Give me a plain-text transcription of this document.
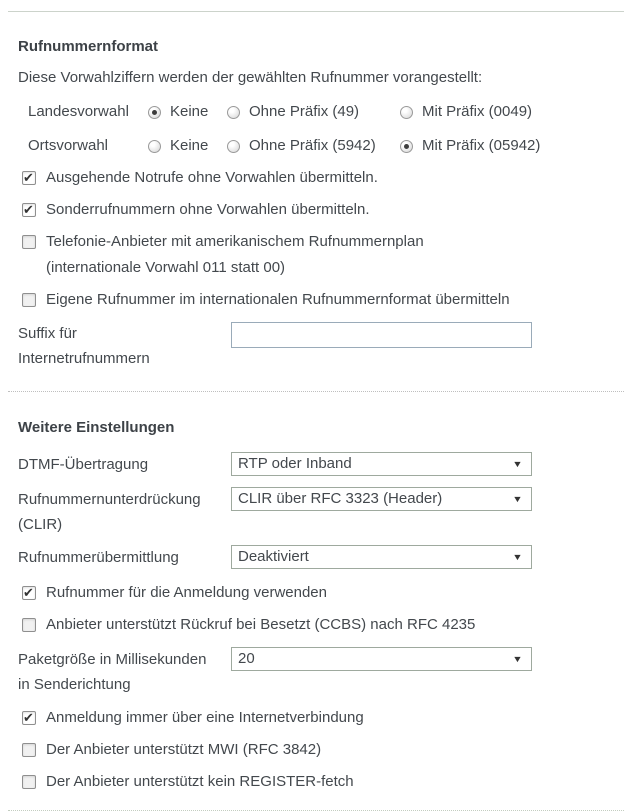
Rufnummernformat

Diese Vorwahlziffern werden der gewählten Rufnummer vorangestellt:

Landesvorwahl	Keine	Ohne Präfix (49)	Mit Präfix (0049)
Ortsvorwahl	Keine	Ohne Präfix (5942)	Mit Präfix (05942)
✔
Ausgehende Notrufe ohne Vorwahlen übermitteln.
✔
Sonderrufnummern ohne Vorwahlen übermitteln.
Telefonie-Anbieter mit amerikanischem Rufnummernplan
(internationale Vorwahl 011 statt 00)
Eigene Rufnummer im internationalen Rufnummernformat übermitteln
Suffix für
Internetrufnummern
Weitere Einstellungen
DTMF-Übertragung	RTP oder Inband	▼
Rufnummernunterdrückung
(CLIR)
CLIR über RFC 3323 (Header)	▼
Rufnummerübermittlung	Deaktiviert	▼
✔
Rufnummer für die Anmeldung verwenden
Anbieter unterstützt Rückruf bei Besetzt (CCBS) nach RFC 4235
Paketgröße in Millisekunden
in Senderichtung
20	▼
✔
Anmeldung immer über eine Internetverbindung
Der Anbieter unterstützt MWI (RFC 3842)
Der Anbieter unterstützt kein REGISTER-fetch
